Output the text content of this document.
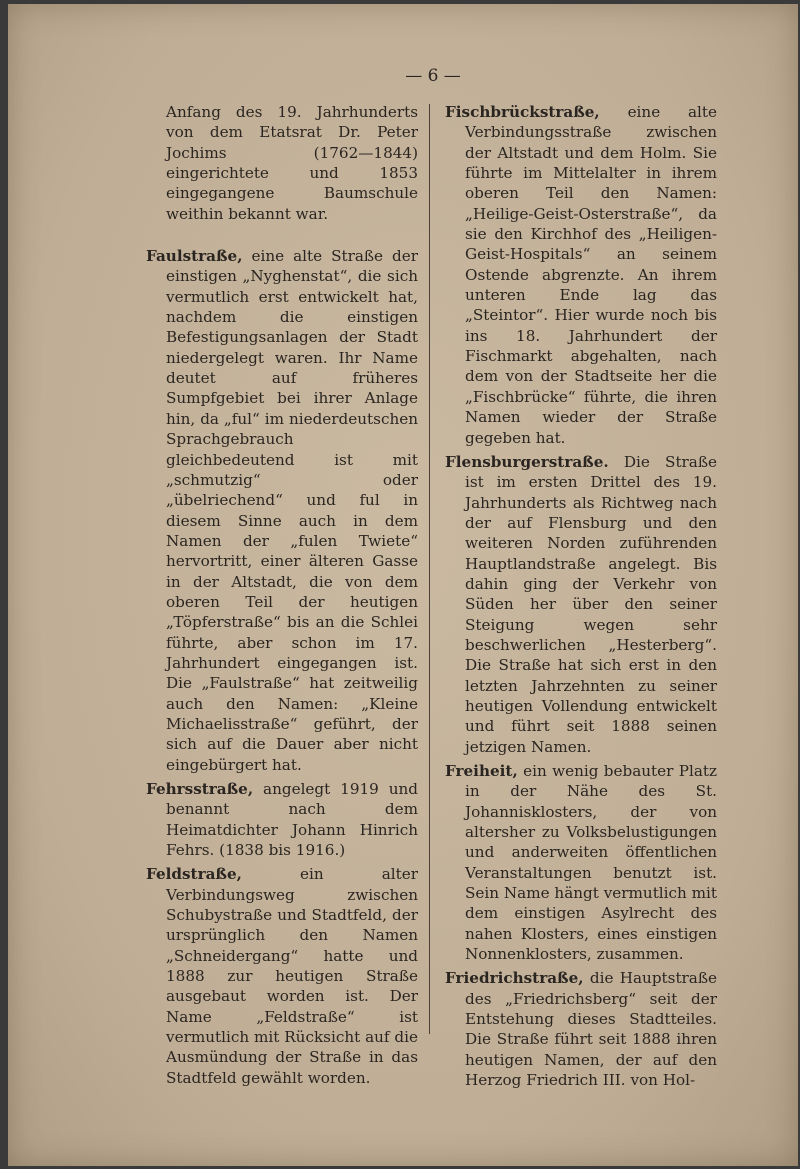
— 6 —

Anfang des 19. Jahrhunderts von dem Etatsrat Dr. Peter Jochims (1762—1844) eingerichtete und 1853 eingegangene Baumschule weithin bekannt war.

Faulstraße, eine alte Straße der einstigen „Nyghenstat“, die sich vermutlich erst entwickelt hat, nachdem die einstigen Befestigungsanlagen der Stadt niedergelegt waren. Ihr Name deutet auf früheres Sumpfgebiet bei ihrer Anlage hin, da „ful“ im niederdeutschen Sprachgebrauch gleichbedeutend ist mit „schmutzig“ oder „übelriechend“ und ful in diesem Sinne auch in dem Namen der „fulen Twiete“ hervortritt, einer älteren Gasse in der Altstadt, die von dem oberen Teil der heutigen „Töpferstraße“ bis an die Schlei führte, aber schon im 17. Jahrhundert eingegangen ist. Die „Faulstraße“ hat zeitweilig auch den Namen: „Kleine Michaelisstraße“ geführt, der sich auf die Dauer aber nicht eingebürgert hat.

Fehrsstraße, angelegt 1919 und benannt nach dem Heimatdichter Johann Hinrich Fehrs. (1838 bis 1916.)

Feldstraße,	ein alter Verbindungsweg zwischen Schubystraße und Stadtfeld, der ursprünglich den Namen „Schneidergang“ hatte und 1888 zur heutigen Straße ausgebaut worden ist. Der Name „Feldstraße“ ist vermutlich mit Rücksicht auf die Ausmündung der Straße in das Stadtfeld gewählt worden.

Fischbrückstraße, eine alte Verbindungsstraße zwischen der Altstadt und dem Holm. Sie führte im Mittelalter in ihrem oberen Teil den Namen: „Heilige-Geist-Osterstraße“, da sie den Kirchhof des „Heiligen-Geist-Hospitals“ an seinem Ostende abgrenzte. An ihrem unteren Ende lag das „Steintor“. Hier wurde noch bis ins 18. Jahrhundert der Fischmarkt abgehalten, nach dem von der Stadtseite her die „Fischbrücke“ führte, die ihren Namen wieder der Straße gegeben hat.

Flensburgerstraße. Die Straße ist im ersten Drittel des 19. Jahrhunderts als Richtweg nach der auf Flensburg und den weiteren Norden zuführenden Hauptlandstraße angelegt. Bis dahin ging der Verkehr von Süden her über den seiner Steigung wegen sehr beschwerlichen „Hesterberg“. Die Straße hat sich erst in den letzten Jahrzehnten zu seiner heutigen Vollendung entwickelt und führt seit 1888 seinen jetzigen Namen.

Freiheit, ein wenig bebauter Platz in der Nähe des St. Johannisklosters, der von altersher zu Volksbelustigungen und anderweiten öffentlichen Veranstaltungen benutzt ist. Sein Name hängt vermutlich mit dem einstigen Asylrecht des nahen Klosters, eines einstigen Nonnenklosters, zusammen.

Friedrichstraße, die Hauptstraße des „Friedrichsberg“ seit der Entstehung dieses Stadtteiles. Die Straße führt seit 1888 ihren heutigen Namen, der auf den Herzog Friedrich III. von Hol-
